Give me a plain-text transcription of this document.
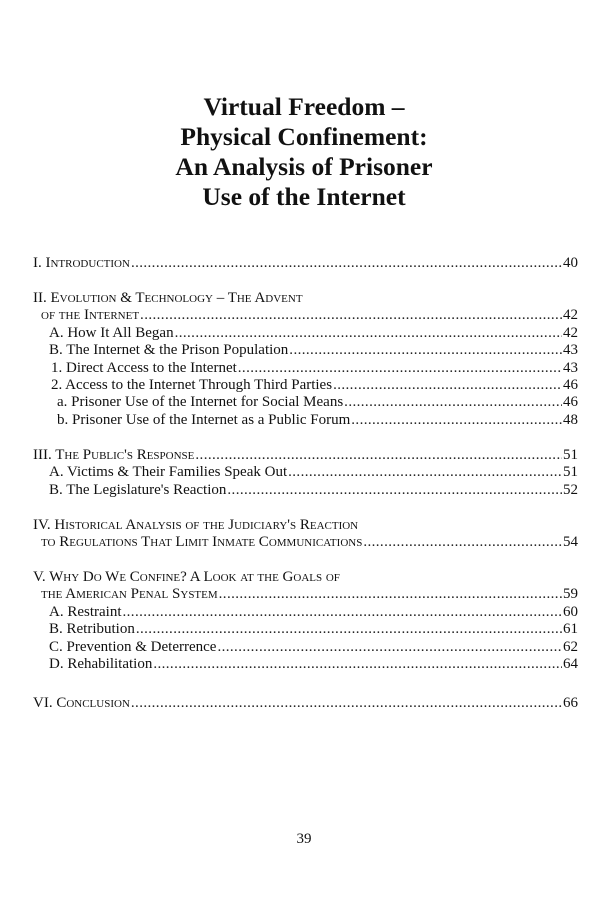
Virtual Freedom –
Physical Confinement:
An Analysis of Prisoner
Use of the Internet
I. Introduction .....	40
II. Evolution & Technology – The Advent
of the Internet .....	42
A. How It All Began .....	42
B. The Internet & the Prison Population .....	43
1. Direct Access to the Internet .....	43
2. Access to the Internet Through Third Parties .....	46
a. Prisoner Use of the Internet for Social Means .....	46
b. Prisoner Use of the Internet as a Public Forum .....	48
III. The Public's Response .....	51
A. Victims & Their Families Speak Out .....	51
B. The Legislature's Reaction .....	52
IV. Historical Analysis of the Judiciary's Reaction
to Regulations That Limit Inmate Communications .....	54
V. Why Do We Confine? A Look at the Goals of
the American Penal System .....	59
A. Restraint .....	60
B. Retribution .....	61
C. Prevention & Deterrence .....	62
D. Rehabilitation .....	64
VI. Conclusion .....	66
39
